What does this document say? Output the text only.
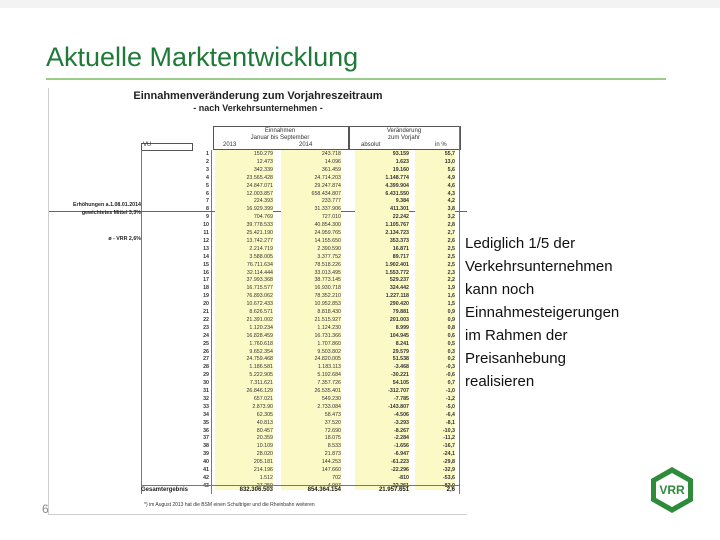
Aktuelle Marktentwicklung
Einnahmenveränderung zum Vorjahreszeitraum
- nach Verkehrsunternehmen -
VU
Einnahmen
Januar bis September
2013	2014
Veränderung
zum Vorjahr
absolut	in %
Erhöhungen a.1.08.01.2014
gewichtetes Mittel 3,3%
ø - VRR 2,6%
1	150.279	243.718	93.159	55,7
2	12.473	14.096	1.623	13,0
3	342.339	361.459	19.160	5,6
4	23.565.428	24.714.203	1.148.774	4,9
5	24.847.071	29.247.874	4.399.904	4,6
6	12.003.857	658.434.807	6.431.550	4,3
7	224.393	233.777	9.384	4,2
8	16.929.399	31.337.906	411.301	3,8
9	704.769	727.010	22.242	3,2
10	39.778.533	40.854.300	1.105.767	2,8
11	25.421.190	24.959.765	2.134.723	2,7
12	13.742.277	14.155.650	353.373	2,6
13	2.214.719	2.390.590	16.871	2,5
14	3.588.005	3.377.752	89.717	2,5
15	76.711.634	78.518.226	1.902.401	2,5
16	32.114.444	33.013.495	1.553.772	2,3
17	37.993.368	38.773.145	529.237	2,2
18	16.715.577	16.930.718	324.442	1,9
19	76.893.062	78.352.210	1.227.118	1,6
20	10.672.433	10.952.853	290.420	1,5
21	8.626.571	8.818.430	79.881	0,9
22	21.391.002	21.515.927	201.003	0,9
23	1.120.234	1.124.230	8.999	0,8
24	16.828.459	16.731.366	104.945	0,6
25	1.760.618	1.707.860	8.241	0,5
26	9.652.354	9.503.802	29.579	0,3
27	24.759.468	24.820.005	51.538	0,2
28	1.186.581	1.183.113	-3.468	-0,3
29	5.222.905	5.192.684	-30.221	-0,6
30	7.311.621	7.357.726	54.105	0,7
31	26.846.129	26.535.401	-312.707	-1,0
32	657.021	549.230	-7.785	-1,2
33	2.873.90	2.733.084	-143.807	-5,0
34	62.305	58.473	-4.506	-6,4
35	40.813	37.520	-3.293	-8,1
36	80.457	72.690	-8.267	-10,3
37	20.359	18.075	-2.284	-11,2
38	10.109	8.533	-1.656	-16,7
39	28.020	21.873	-6.947	-24,1
40	205.181	144.253	-61.223	-29,8
41	214.196	147.660	-22.296	-32,9
42	1.512	702	-810	-53,6
Gesamtergebnis	832.306.503	854.364.154	21.957.651	2,6
*) im August 2013 hat die BSM einen Schultriger und die Rheinbahn weiteren
Lediglich 1/5 der
Verkehrsunternehmen
kann noch
Einnahmesteigerungen
im Rahmen der
Preisanhebung
realisieren
6
VRR
